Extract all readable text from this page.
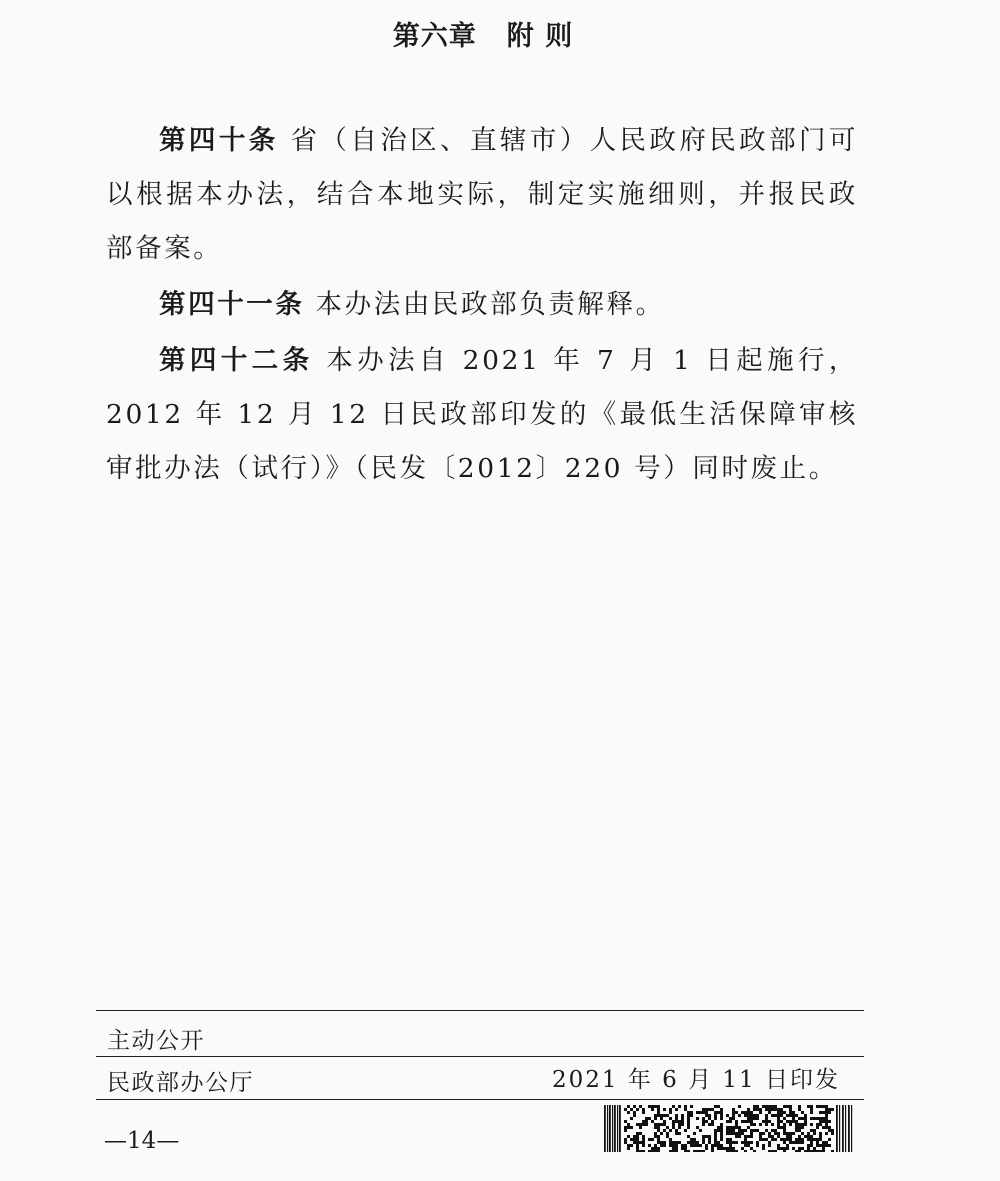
第六章 附 则

第四十条 省（自治区、直辖市）人民政府民政部门可以根据本办法，结合本地实际，制定实施细则，并报民政部备案。

第四十一条 本办法由民政部负责解释。

第四十二条 本办法自 2021 年 7 月 1 日起施行，2012 年 12 月 12 日民政部印发的《最低生活保障审核审批办法（试行）》（民发〔2012〕220 号）同时废止。

主动公开
民政部办公厅	2021 年 6 月 11 日印发
—14—
